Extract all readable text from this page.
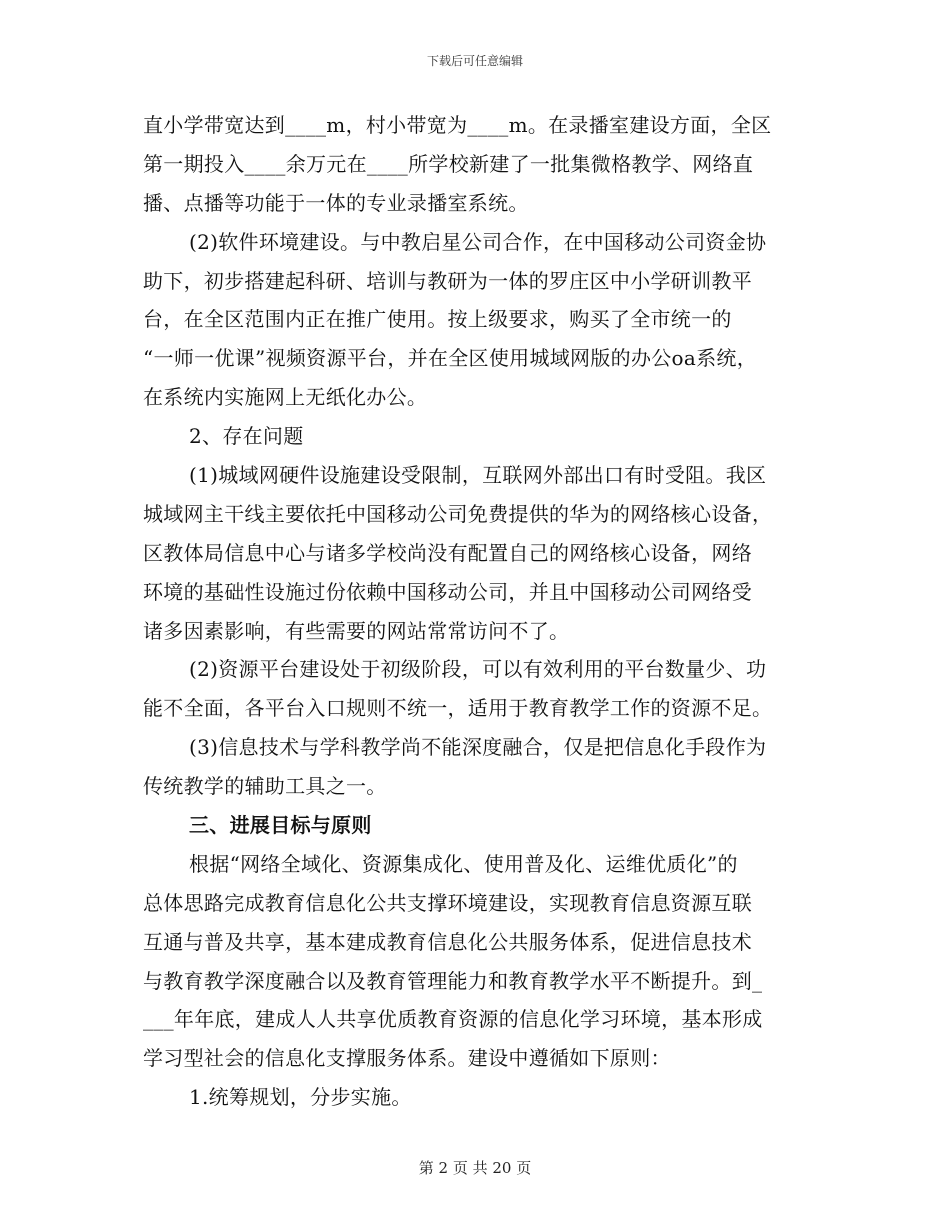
下载后可任意编辑
直小学带宽达到____m，村小带宽为____m。在录播室建设方面，全区
第一期投入____余万元在____所学校新建了一批集微格教学、网络直
播、点播等功能于一体的专业录播室系统。
(2)软件环境建设。与中教启星公司合作，在中国移动公司资金协
助下，初步搭建起科研、培训与教研为一体的罗庄区中小学研训教平
台，在全区范围内正在推广使用。按上级要求，购买了全市统一的
“一师一优课”视频资源平台，并在全区使用城域网版的办公oa系统，
在系统内实施网上无纸化办公。
2、存在问题
(1)城域网硬件设施建设受限制，互联网外部出口有时受阻。我区
城域网主干线主要依托中国移动公司免费提供的华为的网络核心设备，
区教体局信息中心与诸多学校尚没有配置自己的网络核心设备，网络
环境的基础性设施过份依赖中国移动公司，并且中国移动公司网络受
诸多因素影响，有些需要的网站常常访问不了。
(2)资源平台建设处于初级阶段，可以有效利用的平台数量少、功
能不全面，各平台入口规则不统一，适用于教育教学工作的资源不足。
(3)信息技术与学科教学尚不能深度融合，仅是把信息化手段作为
传统教学的辅助工具之一。
三、进展目标与原则
根据“网络全域化、资源集成化、使用普及化、运维优质化”的
总体思路完成教育信息化公共支撑环境建设，实现教育信息资源互联
互通与普及共享，基本建成教育信息化公共服务体系，促进信息技术
与教育教学深度融合以及教育管理能力和教育教学水平不断提升。到_
___年年底，建成人人共享优质教育资源的信息化学习环境，基本形成
学习型社会的信息化支撑服务体系。建设中遵循如下原则：
1.统筹规划，分步实施。
第 2 页 共 20 页
